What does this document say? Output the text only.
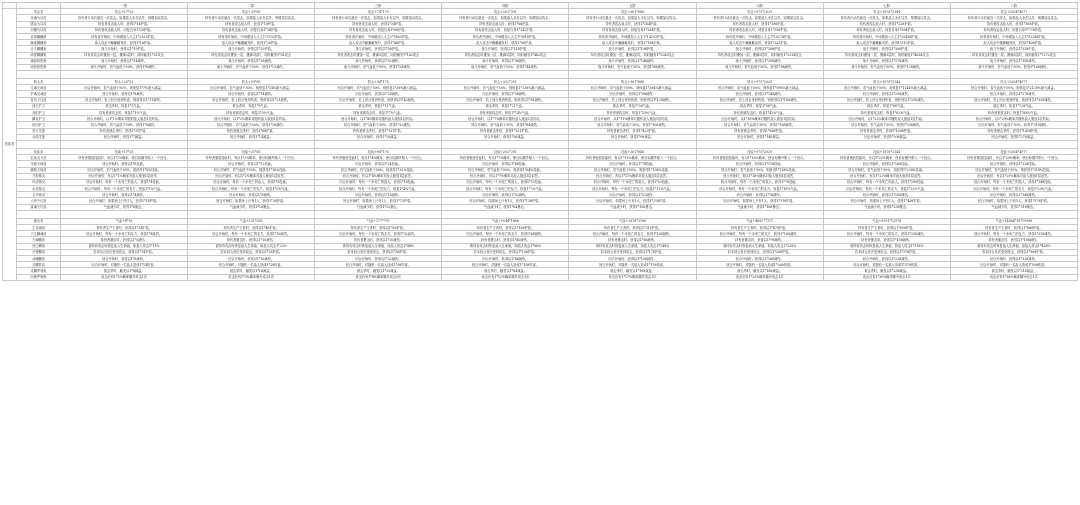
		一阶	二阶	三阶	四阶	五阶	六阶	七阶	八阶
技能类	攻击类	攻击+17*25	攻击+35*85	攻击+74*170	攻击+202*391	攻击+361*848	攻击+975*2029	攻击+1876*3144	攻击+2634*4977
	伴魂为以攻	持有者行动后最近一次攻击，如果敌人未在以外，则增加以攻击。	持有者行动后最近一次攻击，如果敌人未在以外，则增加以攻击。	持有者行动后最近一次攻击，如果敌人未在以外，则增加以攻击。	持有者行动后最近一次攻击，如果敌人未在以外，则增加以攻击。	持有者行动后最近一次攻击，如果敌人未在以外，则增加以攻击。	持有者行动后最近一次攻击，如果敌人未在以外，则增加以攻击。	持有者行动后最近一次攻击，如果敌人未在以外，则增加以攻击。	持有者行动后最近一次攻击，如果敌人未在以外，则增加以攻击。
	嗜血为以攻	持有者攻击敌人时，获得1*14护盾。	持有者攻击敌人时，获得1*18护盾。	持有者攻击敌人时，获得1*34护盾。	持有者攻击敌人时，获得1*88护盾。	持有者攻击敌人时，获得1*164护盾。	持有者攻击敌人时，获得1*198护盾。	持有者攻击敌人时，获得1*228护盾。	持有者攻击敌人时，获得1*368护盾。
	回魔为以攻	持有者攻击敌人时，回复自身1*28护盾。	持有者攻击敌人时，回复自身1*34护盾。	持有者攻击敌人时，回复自身1*68护盾。	持有者攻击敌人时，回复自身1*142护盾。	持有者攻击敌人时，回复自身1*284护盾。	持有者攻击敌人时，回复自身1*398护盾。	持有者攻击敌人时，回复自身1*564护盾。	持有者攻击敌人时，回复自身1*778护盾。
	晋神麟麟狼	持有者开始时，中场增加入大主1*2553护盾。	持有者开始时，中场增加入大主1*3702护盾。	持有者开始时，中场增加入大主1*5853护盾。	持有者开始时，中场增加入大主1*9918护盾。	持有者开始时，中场增加入大主1*14203护盾。	持有者开始时，中场增加入大主1*19278护盾。	持有者开始时，中场增加入大主1*25436护盾。	持有者开始时，中场增加入大主1*32288护盾。
	藤蔓麟麟狼	敌人攻击中藤藤触发时，获得1*18护盾。	敌人攻击中藤藤触发时，获得1*26护盾。	敌人攻击中藤藤触发时，获得1*48护盾。	敌人攻击中藤藤触发时，获得1*96护盾。	敌人攻击中藤藤触发时，获得1*158护盾。	敌人攻击中藤藤触发时，获得1*225护盾。	敌人攻击中藤藤触发时，获得1*310护盾。	敌人攻击中藤藤触发时，获得1*408护盾。
	北斗麟麟狼	战斗开始时，获得以1*19护盾。	战斗开始时，获得以1*29护盾。	战斗开始时，获得以1*58护盾。	战斗开始时，获得以1*118护盾。	战斗开始时，获得以1*198护盾。	战斗开始时，获得以1*288护盾。	战斗开始时，获得以1*398护盾。	战斗开始时，获得以1*528护盾。
	鸿蒙麟麟狼	持有者攻击时叠加一层，叠满3层时，同时触发1*31攻击	持有者攻击时叠加一层，叠满3层时，同时触发1*61攻击	持有者攻击时叠加一层，叠满3层时，同时触发1*162攻击	持有者攻击时叠加一层，叠满3层时，同时触发1*482攻击	持有者攻击时叠加一层，叠满3层时，同时触发1*1243攻击	持有者攻击时叠加一层，叠满3层时，同时触发1*2314攻击	持有者攻击时叠加一层，叠满3层时，同时触发1*4638攻击	持有者攻击时叠加一层，叠满3层时，同时触发1*7272攻击
	魂源狼影狼	战斗开始时，获得以1*14减伤。	战斗开始时，获得以1*28减伤。	战斗开始时，获得以1*52减伤。	战斗开始时，获得以1*98减伤。	战斗开始时，获得以1*148减伤。	战斗开始时，获得以1*208减伤。	战斗开始时，获得以1*278减伤。	战斗开始时，获得以1*358减伤。
	暗影狼影狼	战斗开始时，若气血低于50%，获得1*8减伤。	战斗开始时，若气血低于50%，获得1*13减伤。	战斗开始时，若气血低于50%，获得1*24减伤。	战斗开始时，若气血低于50%，获得1*44减伤。	战斗开始时，若气血低于50%，获得1*68减伤。	战斗开始时，若气血低于50%，获得1*98减伤。	战斗开始时，若气血低于50%，获得1*128减伤。	战斗开始时，若气血低于50%，获得1*168减伤。

	防头类	防头+25*32	防头+53*85	防头+94*176	防头+202*391	防头+361*848	防头+975*2029	防头+1876*3144	防头+2634*4977
	生魂天地兽	回合开始时，若气血低于50%，则恢复1*7%最大减益。	回合开始时，若气血低于50%，则恢复1*14%最大减益。	回合开始时，若气血低于50%，则恢复1*38%最大减益。	回合开始时，若气血低于50%，则恢复1*116%最大减益。	回合开始时，若气血低于50%，则恢复1*284%最大减益。	回合开始时，若气血低于50%，则恢复1*598%最大减益。	回合开始时，若气血低于50%，则恢复1*1144%最大减益。	回合开始时，若气血低于50%，则恢复1*2138%最大减益。
	护魂灵魂兽	回合开始时，获得以1*8减伤。	回合开始时，获得以1*14减伤。	回合开始时，获得以1*28减伤。	回合开始时，获得以1*58减伤。	回合开始时，获得以1*98减伤。	回合开始时，获得以1*148减伤。	回合开始时，获得以1*208减伤。	回合开始时，获得以1*278减伤。
	复仇天边兽	回合开始时，若上回合受到伤害，则获得以1*11减伤。	回合开始时，若上回合受到伤害，则获得以1*21减伤。	回合开始时，若上回合受到伤害，则获得以1*42减伤。	回合开始时，若上回合受到伤害，则获得以1*81减伤。	回合开始时，若上回合受到伤害，则获得以1*128减伤。	回合开始时，若上回合受到伤害，则获得以1*188减伤。	回合开始时，若上回合受到伤害，则获得以1*258减伤。	回合开始时，若上回合受到伤害，则获得以1*338减伤。
	迷尘护卫	被击杀时，恢复1*2气血。	被击杀时，恢复1*5气血。	被击杀时，恢复1*11气血。	被击杀时，恢复1*21气血。	被击杀时，恢复1*36气血。	被击杀时，恢复1*58气血。	被击杀时，恢复1*88气血。	被击杀时，恢复1*128气血。
	尧阳护卫	持有者被攻击时，恢复1*1%气血。	持有者被攻击时，恢复1*3%气血。	持有者被攻击时，恢复1*7%气血。	持有者被攻击时，恢复1*14%气血。	持有者被攻击时，恢复1*25%气血。	持有者被攻击时，恢复1*42%气血。	持有者被攻击时，恢复1*62%气血。	持有者被攻击时，恢复1*88%气血。
	麟炎护卫	回合开始时，以1*1%概率对随机敌人施加1层灼烧。	回合开始时，以1*2%概率对随机敌人施加1层灼烧。	回合开始时，以1*4%概率对随机敌人施加1层灼烧。	回合开始时，以1*7%概率对随机敌人施加1层灼烧。	回合开始时，以1*11%概率对随机敌人施加1层灼烧。	回合开始时，以1*16%概率对随机敌人施加1层灼烧。	回合开始时，以1*22%概率对随机敌人施加1层灼烧。	回合开始时，以1*29%概率对随机敌人施加1层灼烧。
	轮回护卫	回合开始时，若气血低于30%，获得1*8减伤。	回合开始时，若气血低于30%，获得1*16减伤。	回合开始时，若气血低于30%，获得1*32减伤。	回合开始时，若气血低于30%，获得1*64减伤。	回合开始时，若气血低于30%，获得1*108减伤。	回合开始时，若气血低于30%，获得1*168减伤。	回合开始时，若气血低于30%，获得1*238减伤。	回合开始时，若气血低于30%，获得1*318减伤。
	冥火龙蛋	持有者被击杀时，获得1*31护盾。	持有者被击杀时，获得1*68护盾。	持有者被击杀时，获得1*131护盾。	持有者被击杀时，获得1*251护盾。	持有者被击杀时，获得1*423护盾。	持有者被击杀时，获得1*668护盾。	持有者被击杀时，获得1*1008护盾。	持有者被击杀时，获得1*1428护盾。
	冰晶龙蛋	回合开始时，获得1*7减益。	回合开始时，获得1*14减益。	回合开始时，获得1*28减益。	回合开始时，获得1*58减益。	回合开始时，获得1*98减益。	回合开始时，获得1*148减益。	回合开始时，获得1*208减益。	回合开始时，获得1*278减益。

	技能类	技能+17*25	技能+35*85	技能+94*176	技能+202*391	技能+361*848	技能+975*2029	技能+1876*3144	技能+2634*4977
	混沌灵天兽	持有者施放技能时，有以1*1%概率，使目标额外陷入一个回合。	持有者施放技能时，有以1*2%概率，使目标额外陷入一个回合。	持有者施放技能时，有以1*4%概率，使目标额外陷入一个回合。	持有者施放技能时，有以1*7%概率，使目标额外陷入一个回合。	持有者施放技能时，有以1*11%概率，使目标额外陷入一个回合。	持有者施放技能时，有以1*16%概率，使目标额外陷入一个回合。	持有者施放技能时，有以1*22%概率，使目标额外陷入一个回合。	持有者施放技能时，有以1*29%概率，使目标额外陷入一个回合。
	龙威天地兽	回合开始时，获得以1*6技能。	回合开始时，获得以1*12技能。	回合开始时，获得以1*24技能。	回合开始时，获得以1*48技能。	回合开始时，获得以1*78技能。	回合开始时，获得以1*118技能。	回合开始时，获得以1*168技能。	回合开始时，获得以1*228技能。
	鹏程天地兽	回合开始时，若气血低于50%，则获得1*8%技能。	回合开始时，若气血低于50%，则获得1*16%技能。	回合开始时，若气血低于50%，则获得1*32%技能。	回合开始时，若气血低于50%，则获得1*64%技能。	回合开始时，若气血低于50%，则获得1*108%技能。	回合开始时，若气血低于50%，则获得1*168%技能。	回合开始时，若气血低于50%，则获得1*238%技能。	回合开始时，若气血低于50%，则获得1*318%技能。
	月影精灵	回合开始时，有以1*1%概率对敌人施加1层诅咒。	回合开始时，有以1*2%概率对敌人施加1层诅咒。	回合开始时，有以1*4%概率对敌人施加1层诅咒。	回合开始时，有以1*7%概率对敌人施加1层诅咒。	回合开始时，有以1*11%概率对敌人施加1层诅咒。	回合开始时，有以1*16%概率对敌人施加1层诅咒。	回合开始时，有以1*22%概率对敌人施加1层诅咒。	回合开始时，有以1*29%概率对敌人施加1层诅咒。
	风语精灵	回合开始时，每有一个未死亡的敌人，获得1*4技能。	回合开始时，每有一个未死亡的敌人，获得1*8技能。	回合开始时，每有一个未死亡的敌人，获得1*16技能。	回合开始时，每有一个未死亡的敌人，获得1*32技能。	回合开始时，每有一个未死亡的敌人，获得1*52技能。	回合开始时，每有一个未死亡的敌人，获得1*78技能。	回合开始时，每有一个未死亡的敌人，获得1*108技能。	回合开始时，每有一个未死亡的敌人，获得1*148技能。
	水灵精灵	回合开始时，每有一个未死亡的友方，恢复1*1%气血。	回合开始时，每有一个未死亡的友方，恢复1*2%气血。	回合开始时，每有一个未死亡的友方，恢复1*4%气血。	回合开始时，每有一个未死亡的友方，恢复1*7%气血。	回合开始时，每有一个未死亡的友方，恢复1*11%气血。	回合开始时，每有一个未死亡的友方，恢复1*16%气血。	回合开始时，每有一个未死亡的友方，恢复1*22%气血。	回合开始时，每有一个未死亡的友方，恢复1*29%气血。
	玉华精灵	回合开始时，获得以1*4减伤。	回合开始时，获得以1*8减伤。	回合开始时，获得以1*16减伤。	回合开始时，获得以1*32减伤。	回合开始时，获得以1*52减伤。	回合开始时，获得以1*78减伤。	回合开始时，获得以1*108减伤。	回合开始时，获得以1*148减伤。
	大伊天灯兽	回合开始时，如果场上只有1人，获得1*18护盾。	回合开始时，如果场上只有1人，获得1*36护盾。	回合开始时，如果场上只有1人，获得1*72护盾。	回合开始时，如果场上只有1人，获得1*138护盾。	回合开始时，如果场上只有1人，获得1*218护盾。	回合开始时，如果场上只有1人，获得1*318护盾。	回合开始时，如果场上只有1人，获得1*438护盾。	回合开始时，如果场上只有1人，获得1*578护盾。
	雷魂天灯兽	气血减少时，获得1*8暴击。	气血减少时，获得1*16暴击。	气血减少时，获得1*32暴击。	气血减少时，获得1*64暴击。	气血减少时，获得1*108暴击。	气血减少时，获得1*168暴击。	气血减少时，获得1*238暴击。	气血减少时，获得1*318暴击。

	暴击类	气血+8*16	气血+131*263	气血+377*797	气血+1044*1868	气血+2818*3766	气血+4882*7317	气血+8791*12578	气血+14884*18*19988
	生灵魂兽	持有者生产王者时，获得以1*24护盾。	持有者生产王者时，获得以1*48护盾。	持有者生产王者时，获得以1*96护盾。	持有者生产王者时，获得以1*188护盾。	持有者生产王者时，获得以1*318护盾。	持有者生产王者时，获得以1*478护盾。	持有者生产王者时，获得以1*658护盾。	持有者生产王者时，获得以1*868护盾。
	天生麟魂兽	回合开始时，每有一个未死亡的友方，获得1*8减伤。	回合开始时，每有一个未死亡的友方，获得1*16减伤。	回合开始时，每有一个未死亡的友方，获得1*32减伤。	回合开始时，每有一个未死亡的友方，获得1*64减伤。	回合开始时，每有一个未死亡的友方，获得1*108减伤。	回合开始时，每有一个未死亡的友方，获得1*168减伤。	回合开始时，每有一个未死亡的友方，获得1*238减伤。	回合开始时，每有一个未死亡的友方，获得1*318减伤。
	天魂麟兽	持有者暴击时，获得以1*5减伤。	持有者暴击时，获得以1*10减伤。	持有者暴击时，获得以1*20减伤。	持有者暴击时，获得以1*40减伤。	持有者暴击时，获得以1*68减伤。	持有者暴击时，获得以1*98减伤。	持有者暴击时，获得以1*138减伤。	持有者暴击时，获得以1*188减伤。
	独尘麟兽	被持有攻击时恢复敌人生命值，如敌人攻击1*11%	被持有攻击时恢复敌人生命值，如敌人攻击1*22%	被持有攻击时恢复敌人生命值，如敌人攻击1*44%	被持有攻击时恢复敌人生命值，如敌人攻击1*88%	被持有攻击时恢复敌人生命值，如敌人攻击1*148%	被持有攻击时恢复敌人生命值，如敌人攻击1*228%	被持有攻击时恢复敌人生命值，如敌人攻击1*318%	被持有攻击时恢复敌人生命值，如敌人攻击1*428%
	冷婴麟兽	若本回合首次受到攻击，获得以1*14护盾。	若本回合首次受到攻击，获得以1*28护盾。	若本回合首次受到攻击，获得以1*56护盾。	若本回合首次受到攻击，获得以1*108护盾。	若本回合首次受到攻击，获得以1*178护盾。	若本回合首次受到攻击，获得以1*268护盾。	若本回合首次受到攻击，获得以1*378护盾。	若本回合首次受到攻击，获得以1*508护盾。
	冰魄麟兽	回合开始时，获得以1*8减伤。	回合开始时，获得以1*16减伤。	回合开始时，获得以1*32减伤。	回合开始时，获得以1*64减伤。	回合开始时，获得以1*108减伤。	回合开始时，获得以1*168减伤。	回合开始时，获得以1*238减伤。	回合开始时，获得以1*318减伤。
	灵麟梦兽	回合开始时，对随机一名敌人造成1*14伤害。	回合开始时，对随机一名敌人造成1*28伤害。	回合开始时，对随机一名敌人造成1*56伤害。	回合开始时，对随机一名敌人造成1*108伤害。	回合开始时，对随机一名敌人造成1*178伤害。	回合开始时，对随机一名敌人造成1*268伤害。	回合开始时，对随机一名敌人造成1*378伤害。	回合开始时，对随机一名敌人造成1*508伤害。
	灵麟罗刹鬼	被击杀时，触发以1*8减益。	被击杀时，触发以1*16减益。	被击杀时，触发以1*32减益。	被击杀时，触发以1*64减益。	被击杀时，触发以1*108减益。	被击杀时，触发以1*168减益。	被击杀时，触发以1*238减益。	被击杀时，触发以1*318减益。
	回圆罗刹鬼	攻击后有1*3%概率额外攻击1次	攻击后有1*5%概率额外攻击1次	攻击后有1*8%概率额外攻击1次	攻击后有1*12%概率额外攻击1次	攻击后有1*17%概率额外攻击1次	攻击后有1*23%概率额外攻击1次	攻击后有1*30%概率额外攻击1次	攻击后有1*38%概率额外攻击1次
